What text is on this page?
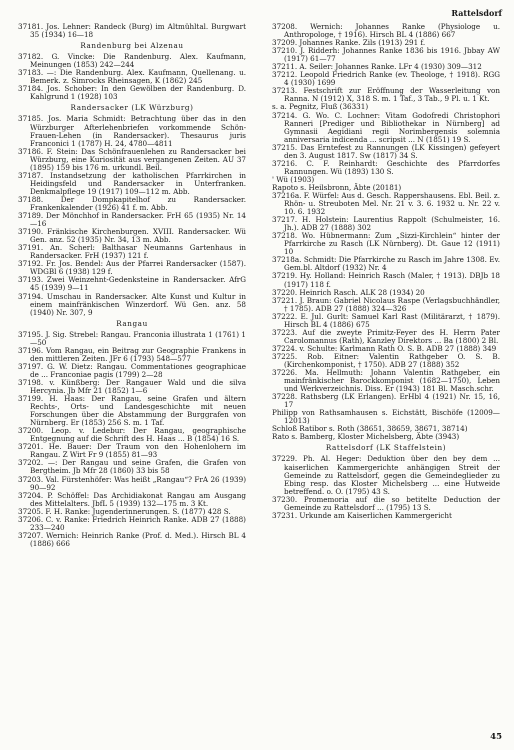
Rattelsdorf

37181. Jos. Lehner: Randeck (Burg) im Altmühltal. Burgwart 35 (1934) 16—18

Randenburg bei Alzenau

37182. G. Vincke: Die Randenburg. Alex. Kaufmann, Meinungen (1853) 242—244

37183. —: Die Randenburg. Alex. Kaufmann, Quellenang. u. Bemerk. z. Simrocks Rheinsagen, K (1862) 245

37184. Jos. Schober: In den Gewölben der Randenburg. D. Kahlgrund 1 (1928) 103

Randersacker (LK Würzburg)

37185. Jos. Maria Schmidt: Betrachtung über das in den Würzburger Afterlehenbriefen vorkommende Schön-Frauen-Lehen (in Randersacker). Thesaurus juris Franconici 1 (1787) H. 24, 4780—4811

37186. F. Stein: Das Schönfrauenlehen zu Randersacker bei Würzburg, eine Kuriosität aus vergangenen Zeiten. AU 37 (1895) 159 bis 176 m. urkundl. Beil.

37187. Instandsetzung der katholischen Pfarrkirchen in Heidingsfeld und Randersacker in Unterfranken. Denkmalpflege 19 (1917) 109—112 m. Abb.

37188. Der Dompkapitelhof zu Randersacker. Frankenkalender (1926) 41 f. m. Abb.

37189. Der Mönchhof in Randersacker. FrH 65 (1935) Nr. 14—16

37190. Fränkische Kirchenburgen. XVIII. Randersacker. Wü Gen. anz. 52 (1935) Nr. 34, 13 m. Abb.

37191. An. Scherl: Balthasar Neumanns Gartenhaus in Randersacker. FrH (1937) 121 f.

37192. Fr. Jos. Bendel: Aus der Pfarrei Randersacker (1587). WDGBl 6 (1938) 129 f.

37193. Zwei Weinzehnt-Gedenksteine in Randersacker. AfrG 45 (1939) 9—11

37194. Umschau in Randersacker. Alte Kunst und Kultur in einem mainfränkischen Winzerdorf. Wü Gen. anz. 58 (1940) Nr. 307, 9

Rangau

37195. J. Sig. Strebel: Rangau. Franconia illustrata 1 (1761) 1—50

37196. Vom Rangau, ein Beitrag zur Geographie Frankens in den mittleren Zeiten. JFr 6 (1793) 548—577

37197. G. W. Dietz: Rangau. Commentationes geographicae de ... Franconiae pagis (1799) 2—28

37198. v. Künßberg: Der Rangauer Wald und die silva Hercynia. Jb Mfr 21 (1852) 1—6

37199. H. Haas: Der Rangau, seine Grafen und ältern Rechts-, Orts- und Landesgeschichte mit neuen Forschungen über die Abstammung der Burggrafen von Nürnberg. Er (1853) 256 S. m. 1 Taf.

37200. Leop. v. Ledebur: Der Rangau, geographische Entgegnung auf die Schrift des H. Haas ... B (1854) 16 S.

37201. He. Bauer: Der Traum von den Hohenlohern im Rangau. Z Wirt Fr 9 (1855) 81—93

37202. —: Der Rangau und seine Grafen, die Grafen von Bergtheim. Jb Mfr 28 (1860) 33 bis 58

37203. Val. Fürstenhöfer: Was heißt „Rangau“? FrA 26 (1939) 90—92

37204. P. Schöffel: Das Archidiakonat Rangau am Ausgang des Mittelalters. JbfL 5 (1939) 132—175 m. 3 Kt.

37205. F. H. Ranke: Jugenderinnerungen. S. (1877) 428 S.

37206. C. v. Ranke: Friedrich Heinrich Ranke. ADB 27 (1888) 233—240

37207. Wernich: Heinrich Ranke (Prof. d. Med.). Hirsch BL 4 (1886) 666

37208. Wernich: Johannes Ranke (Physiologe u. Anthropologe, † 1916). Hirsch BL 4 (1886) 667

37209. Johannes Ranke. Zils (1913) 291 f.

37210. J. Ridderh: Johannes Ranke 1836 bis 1916. Jbbay AW (1917) 61—77

37211. A. Seiler: Johannes Ranke. LFr 4 (1930) 309—312

37212. Leopold Friedrich Ranke (ev. Theologe, † 1918). RGG 4 (1930) 1699

37213. Festschrift zur Eröffnung der Wasserleitung von Ranna. N (1912) X, 318 S. m. 1 Taf., 3 Tab., 9 Pl. u. 1 Kt.

s. a. Pegnitz, Fluß (36331)

37214. G. Wo. C. Lochner: Vitam Godofredi Christophori Ranneri [Prediger und Bibliothekar in Nürnberg] ad Gymnasii Aegidiani regii Norimbergensis solemnia anniversaria indicenda ... scripsit ... N (1851) 19 S.

37215. Das Erntefest zu Rannungen (LK Kissingen) gefeyert den 3. August 1817. Sw (1817) 34 S.

37216. C. F. Reinhardt: Geschichte des Pfarrdorfes Rannungen. Wü (1893) 130 S.

' Wü (1903)

Rapoto s. Heilsbronn, Äbte (20181)

37216a. F. Würfel: Aus d. Gesch. Rappershausens. Ebl. Beil. z. Rhön- u. Streuboten Mel. Nr. 21 v. 3. 6. 1932 u. Nr. 22 v. 10. 6. 1932

37217. H. Holstein: Laurentius Rappolt (Schulmeister, 16. Jh.). ADB 27 (1888) 302

37218. Wo. Hübnermann: Zum „Sizzi-Kirchlein“ hinter der Pfarrkirche zu Rasch (LK Nürnberg). Dt. Gaue 12 (1911) 10

37218a. Schmidt: Die Pfarrkirche zu Rasch im Jahre 1308. Ev. Gem.bl. Altdorf (1932) Nr. 4

37219. Hy. Holland: Heinrich Rasch (Maler, † 1913). DBJb 18 (1917) 118 f.

37220. Heinrich Rasch. ALK 28 (1934) 20

37221. J. Braun: Gabriel Nicolaus Raspe (Verlagsbuchhändler, † 1785). ADB 27 (1888) 324—326

37222. E. Jul. Gurlt: Samuel Karl Rast (Militärarzt, † 1879). Hirsch BL 4 (1886) 675

37223. Auf die zweyte Primitz-Feyer des H. Herrn Pater Carolomannus (Rath), Kanzley Direktors ... Ba (1800) 2 Bl.

37224. v. Schulte: Karlmann Rath O. S. B. ADB 27 (1888) 349

37225. Rob. Eitner: Valentin Rathgeber O. S. B. (Kirchenkomponist, † 1750). ADB 27 (1888) 352

37226. Ma. Hellmuth: Johann Valentin Rathgeber, ein mainfränkischer Barockkomponist (1682—1750), Leben und Werkverzeichnis. Diss. Er (1943) 181 Bl. Masch.schr.

37228. Rathsberg (LK Erlangen). ErHbl 4 (1921) Nr. 15, 16, 17

Philipp von Rathsamhausen s. Eichstätt, Bischöfe (12009—12013)

Schloß Ratibor s. Roth (38651, 38659, 38671, 38714)

Rato s. Bamberg, Kloster Michelsberg, Äbte (3943)

Rattelsdorf (LK Staffelstein)

37229. Ph. Al. Heger: Deduktion über den bey dem ... kaiserlichen Kammergerichte anhängigen Streit der Gemeinde zu Rattelsdorf, gegen die Gemeindeglieder zu Ebing resp. das Kloster Michelsberg ... eine Hutweide betreffend. o. O. (1795) 43 S.

37230. Promemoria auf die so betitelte Deduction der Gemeinde zu Rattelsdorf ... (1795) 13 S.

37231. Urkunde am Kaiserlichen Kammergericht

45
